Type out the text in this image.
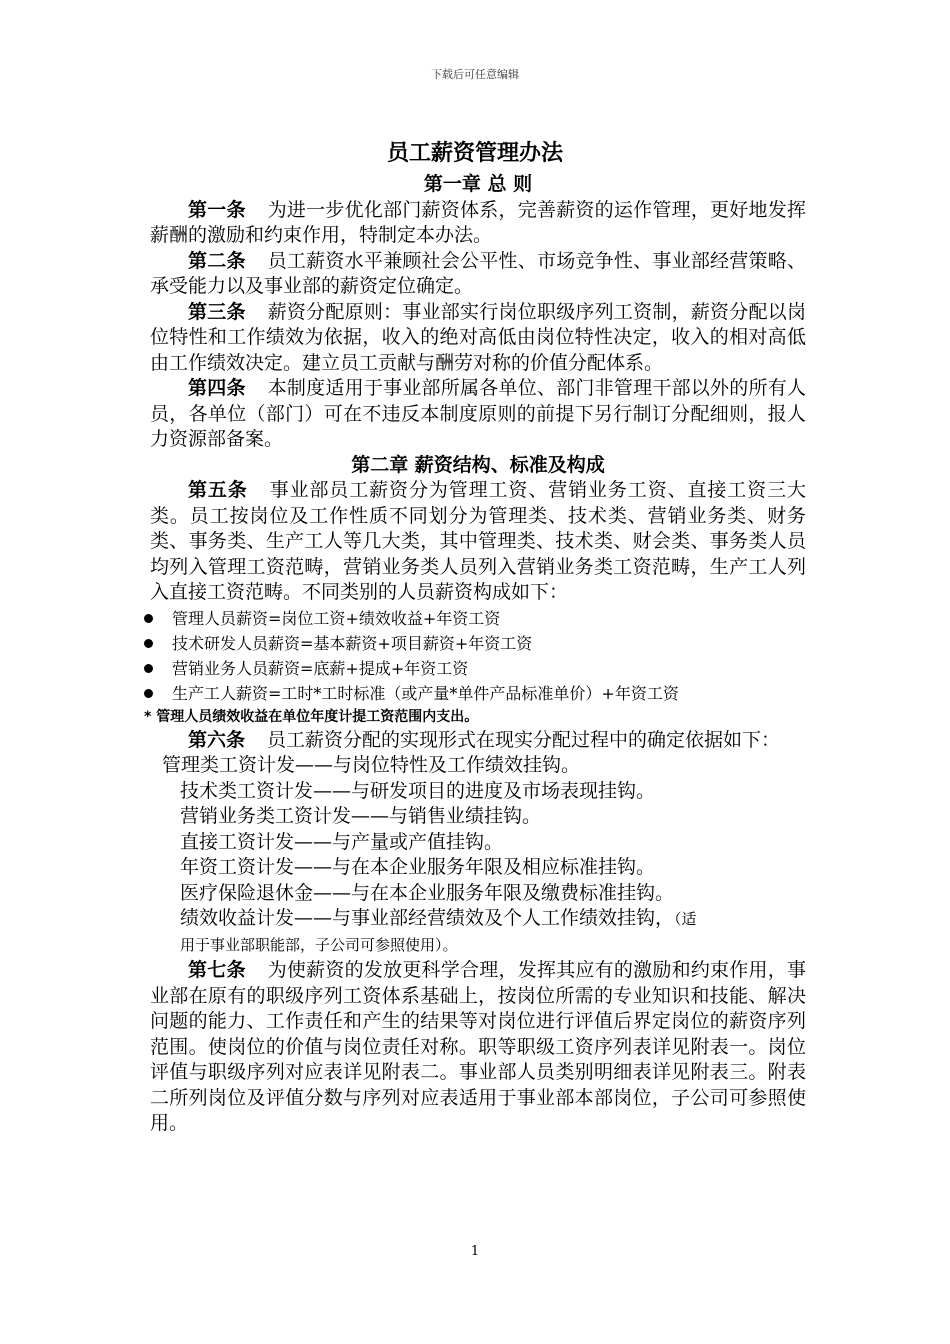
下载后可任意编辑
员工薪资管理办法
第一章 总 则

第一条 为进一步优化部门薪资体系，完善薪资的运作管理，更好地发挥薪酬的激励和约束作用，特制定本办法。

第二条 员工薪资水平兼顾社会公平性、市场竞争性、事业部经营策略、承受能力以及事业部的薪资定位确定。

第三条 薪资分配原则：事业部实行岗位职级序列工资制，薪资分配以岗位特性和工作绩效为依据，收入的绝对高低由岗位特性决定，收入的相对高低由工作绩效决定。建立员工贡献与酬劳对称的价值分配体系。

第四条 本制度适用于事业部所属各单位、部门非管理干部以外的所有人员，各单位（部门）可在不违反本制度原则的前提下另行制订分配细则，报人力资源部备案。

第二章 薪资结构、标准及构成

第五条 事业部员工薪资分为管理工资、营销业务工资、直接工资三大类。员工按岗位及工作性质不同划分为管理类、技术类、营销业务类、财务类、事务类、生产工人等几大类，其中管理类、技术类、财会类、事务类人员均列入管理工资范畴，营销业务类人员列入营销业务类工资范畴，生产工人列入直接工资范畴。不同类别的人员薪资构成如下：

管理人员薪资=岗位工资+绩效收益+年资工资
技术研发人员薪资=基本薪资+项目薪资+年资工资
营销业务人员薪资=底薪+提成+年资工资
生产工人薪资=工时*工时标准（或产量*单件产品标准单价）+年资工资
* 管理人员绩效收益在单位年度计提工资范围内支出。

第六条 员工薪资分配的实现形式在现实分配过程中的确定依据如下：

管理类工资计发——与岗位特性及工作绩效挂钩。

技术类工资计发——与研发项目的进度及市场表现挂钩。

营销业务类工资计发——与销售业绩挂钩。

直接工资计发——与产量或产值挂钩。

年资工资计发——与在本企业服务年限及相应标准挂钩。

医疗保险退休金——与在本企业服务年限及缴费标准挂钩。

绩效收益计发——与事业部经营绩效及个人工作绩效挂钩，（适

用于事业部职能部，子公司可参照使用）。

第七条 为使薪资的发放更科学合理，发挥其应有的激励和约束作用，事业部在原有的职级序列工资体系基础上，按岗位所需的专业知识和技能、解决问题的能力、工作责任和产生的结果等对岗位进行评值后界定岗位的薪资序列范围。使岗位的价值与岗位责任对称。职等职级工资序列表详见附表一。岗位评值与职级序列对应表详见附表二。事业部人员类别明细表详见附表三。附表二所列岗位及评值分数与序列对应表适用于事业部本部岗位，子公司可参照使用。

1
